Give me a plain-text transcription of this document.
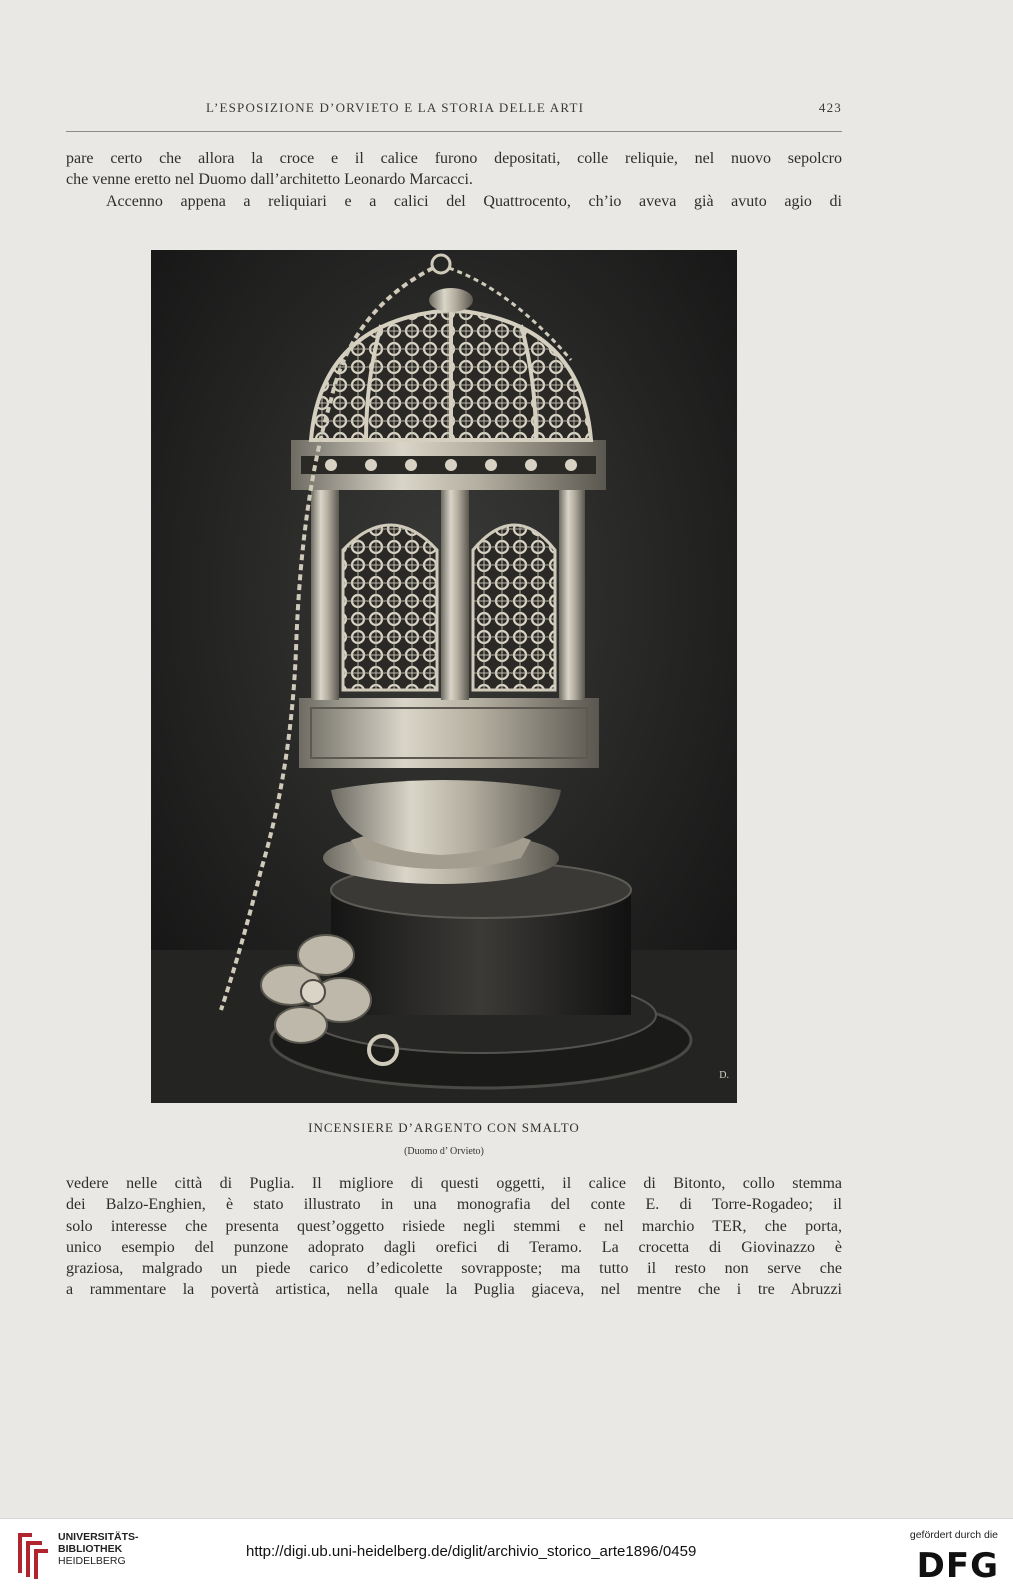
L’ESPOSIZIONE D’ORVIETO E LA STORIA DELLE ARTI	423

pare certo che allora la croce e il calice furono depositati, colle reliquie, nel nuovo sepolcro

che venne eretto nel Duomo dall’architetto Leonardo Marcacci.

Accenno appena a reliquiari e a calici del Quattrocento, ch’io aveva già avuto agio di

D.
INCENSIERE D’ARGENTO CON SMALTO
(Duomo d’ Orvieto)

vedere nelle città di Puglia. Il migliore di questi oggetti, il calice di Bitonto, collo stemma

dei Balzo-Enghien, è stato illustrato in una monografia del conte E. di Torre-Rogadeo; il

solo interesse che presenta quest’oggetto risiede negli stemmi e nel marchio TER, che porta,

unico esempio del punzone adoprato dagli orefici di Teramo. La crocetta di Giovinazzo è

graziosa, malgrado un piede carico d’edicolette sovrapposte; ma tutto il resto non serve che

a rammentare la povertà artistica, nella quale la Puglia giaceva, nel mentre che i tre Abruzzi

UNIVERSITÄTS-
BIBLIOTHEK
HEIDELBERG
http://digi.ub.uni-heidelberg.de/diglit/archivio_storico_arte1896/0459
gefördert durch die
DFG
